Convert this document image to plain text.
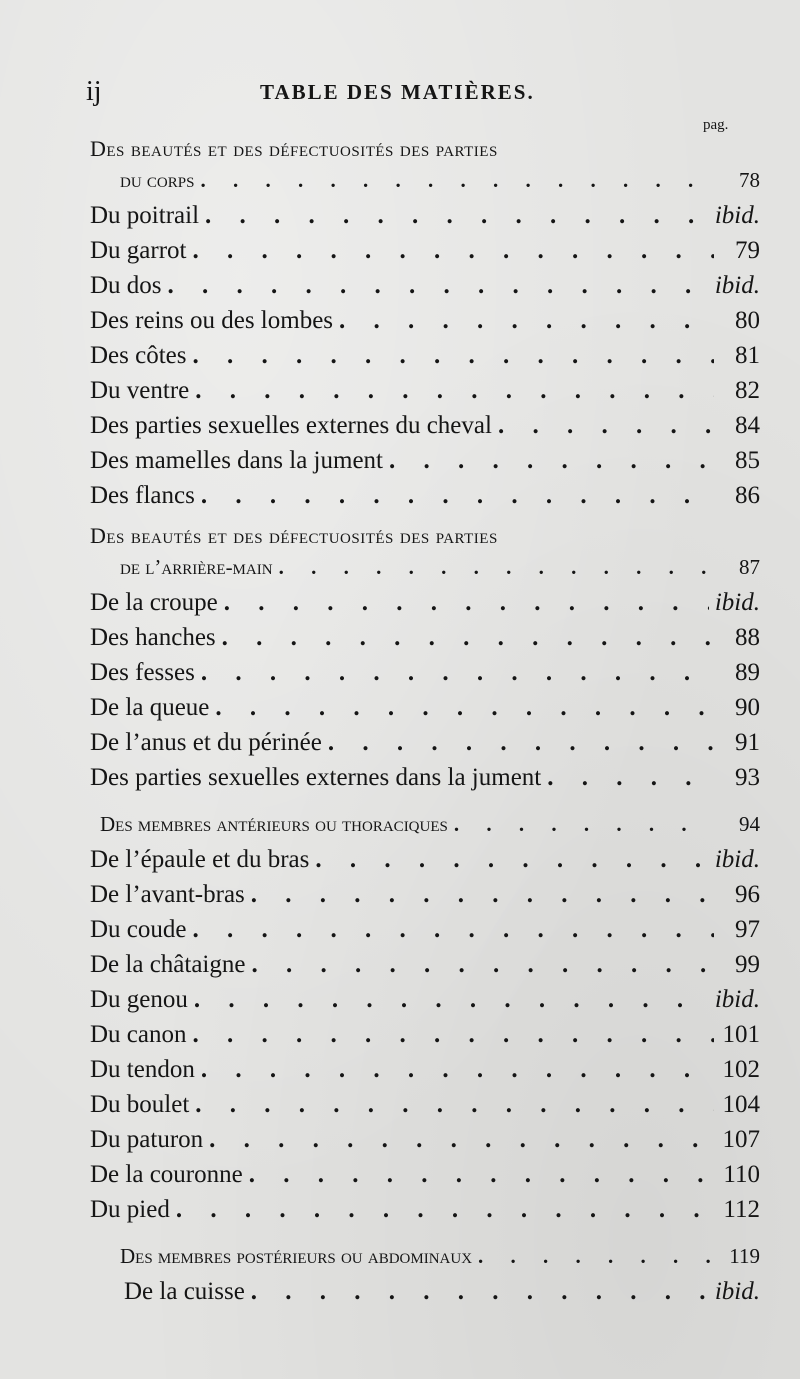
ij	TABLE DES MATIÈRES.
pag.
Des beautés et des défectuosités des parties
du corps . . .	78
Du poitrail . . .	ibid.
Du garrot . . .	79
Du dos . . .	ibid.
Des reins ou des lombes . . .	80
Des côtes . . .	81
Du ventre . . .	82
Des parties sexuelles externes du cheval . . .	84
Des mamelles dans la jument . . .	85
Des flancs . . .	86
Des beautés et des défectuosités des parties
de l’arrière-main . . .	87
De la croupe . . .	ibid.
Des hanches . . .	88
Des fesses . . .	89
De la queue . . .	90
De l’anus et du périnée . . .	91
Des parties sexuelles externes dans la jument . . .	93
Des membres antérieurs ou thoraciques . . .	94
De l’épaule et du bras . . .	ibid.
De l’avant-bras . . .	96
Du coude . . .	97
De la châtaigne . . .	99
Du genou . . .	ibid.
Du canon . . .	101
Du tendon . . .	102
Du boulet . . .	104
Du paturon . . .	107
De la couronne . . .	110
Du pied . . .	112
Des membres postérieurs ou abdominaux . . .	119
De la cuisse . . .	ibid.
